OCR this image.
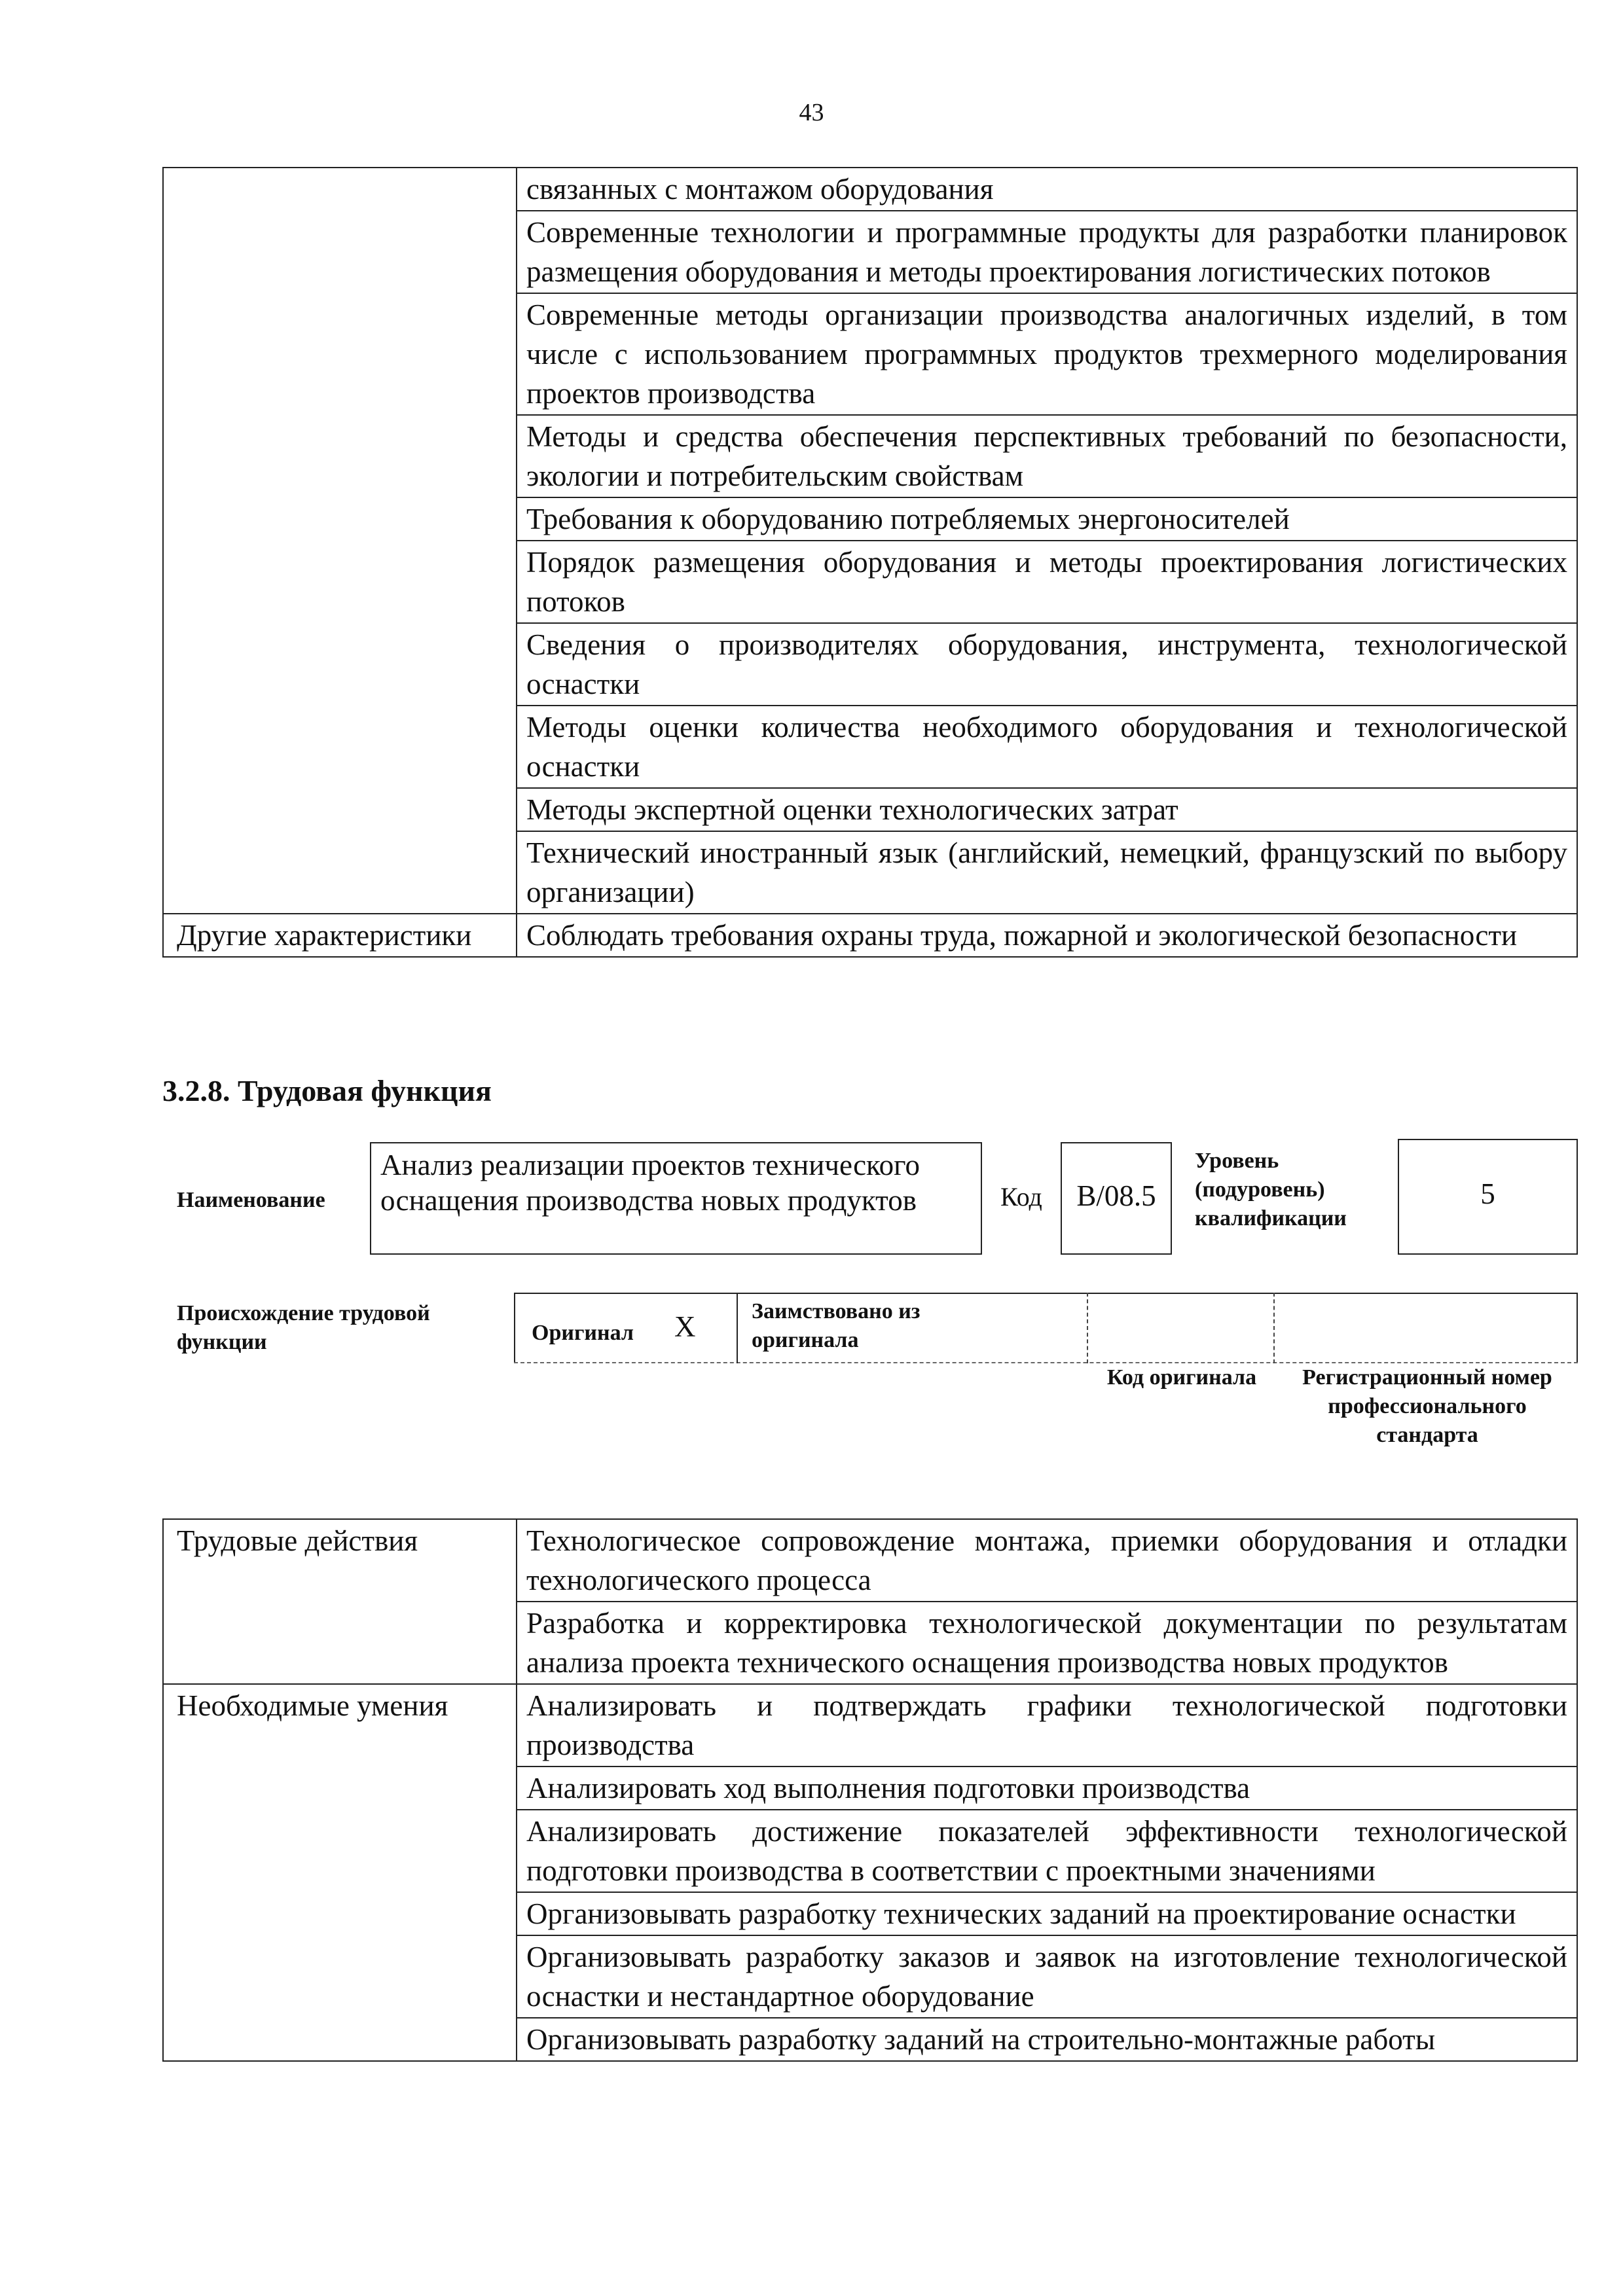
43
	связанных с монтажом оборудования
	Современные технологии и программные продукты для разработки планировок размещения оборудования и методы проектирования логистических потоков
	Современные методы организации производства аналогичных изделий, в том числе с использованием программных продуктов трехмерного моделирования проектов производства
	Методы и средства обеспечения перспективных требований по безопасности, экологии и потребительским свойствам
	Требования к оборудованию потребляемых энергоносителей
	Порядок размещения оборудования и методы проектирования логистических потоков
	Сведения о производителях оборудования, инструмента, технологической оснастки
	Методы оценки количества необходимого оборудования и технологической оснастки
	Методы экспертной оценки технологических затрат
	Технический иностранный язык (английский, немецкий, французский по выбору организации)
Другие характеристики	Соблюдать требования охраны труда, пожарной и экологической безопасности
3.2.8. Трудовая функция
Наименование
Анализ реализации проектов технического оснащения производства новых продуктов	Код	B/08.5
Уровень (подуровень) квалификации
5
Происхождение трудовой функции	Оригинал X	Заимствовано из оригинала
Код оригинала	Регистрационный номер профессионального стандарта
Трудовые действия	Технологическое сопровождение монтажа, приемки оборудования и отладки технологического процесса
	Разработка и корректировка технологической документации по результатам анализа проекта технического оснащения производства новых продуктов
Необходимые умения	Анализировать и подтверждать графики технологической подготовки производства
	Анализировать ход выполнения подготовки производства
	Анализировать достижение показателей эффективности технологической подготовки производства в соответствии с проектными значениями
	Организовывать разработку технических заданий на проектирование оснастки
	Организовывать разработку заказов и заявок на изготовление технологической оснастки и нестандартное оборудование
	Организовывать разработку заданий на строительно-монтажные работы
